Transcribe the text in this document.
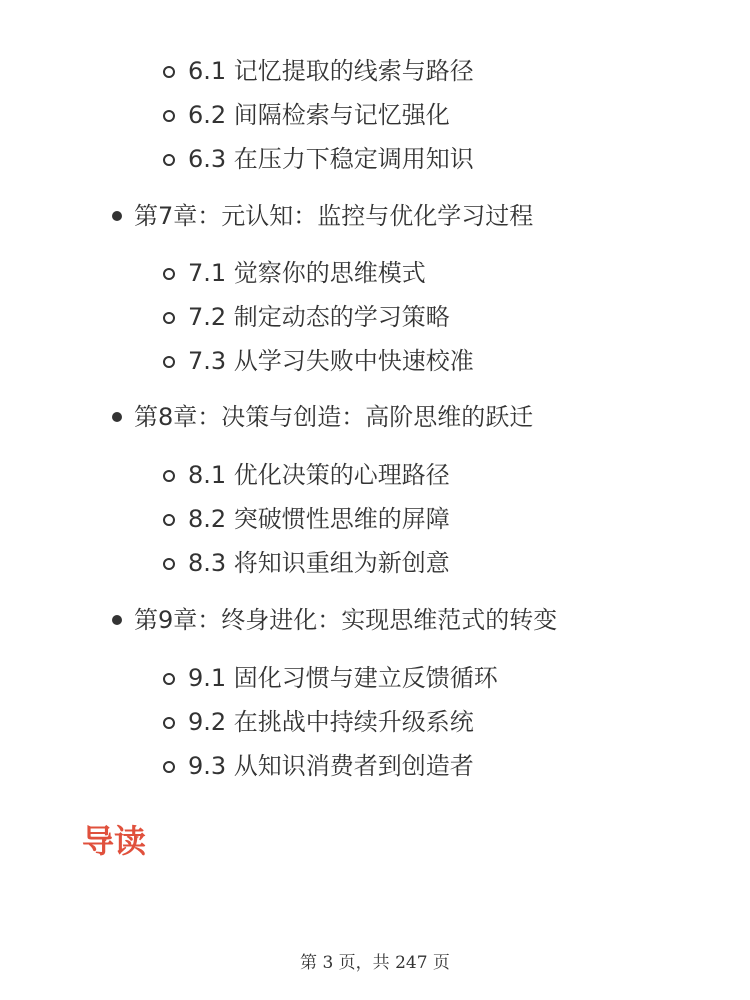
6.1 记忆提取的线索与路径
6.2 间隔检索与记忆强化
6.3 在压力下稳定调用知识
第7章：元认知：监控与优化学习过程
7.1 觉察你的思维模式
7.2 制定动态的学习策略
7.3 从学习失败中快速校准
第8章：决策与创造：高阶思维的跃迁
8.1 优化决策的心理路径
8.2 突破惯性思维的屏障
8.3 将知识重组为新创意
第9章：终身进化：实现思维范式的转变
9.1 固化习惯与建立反馈循环
9.2 在挑战中持续升级系统
9.3 从知识消费者到创造者
导读
第 3 页，共 247 页
